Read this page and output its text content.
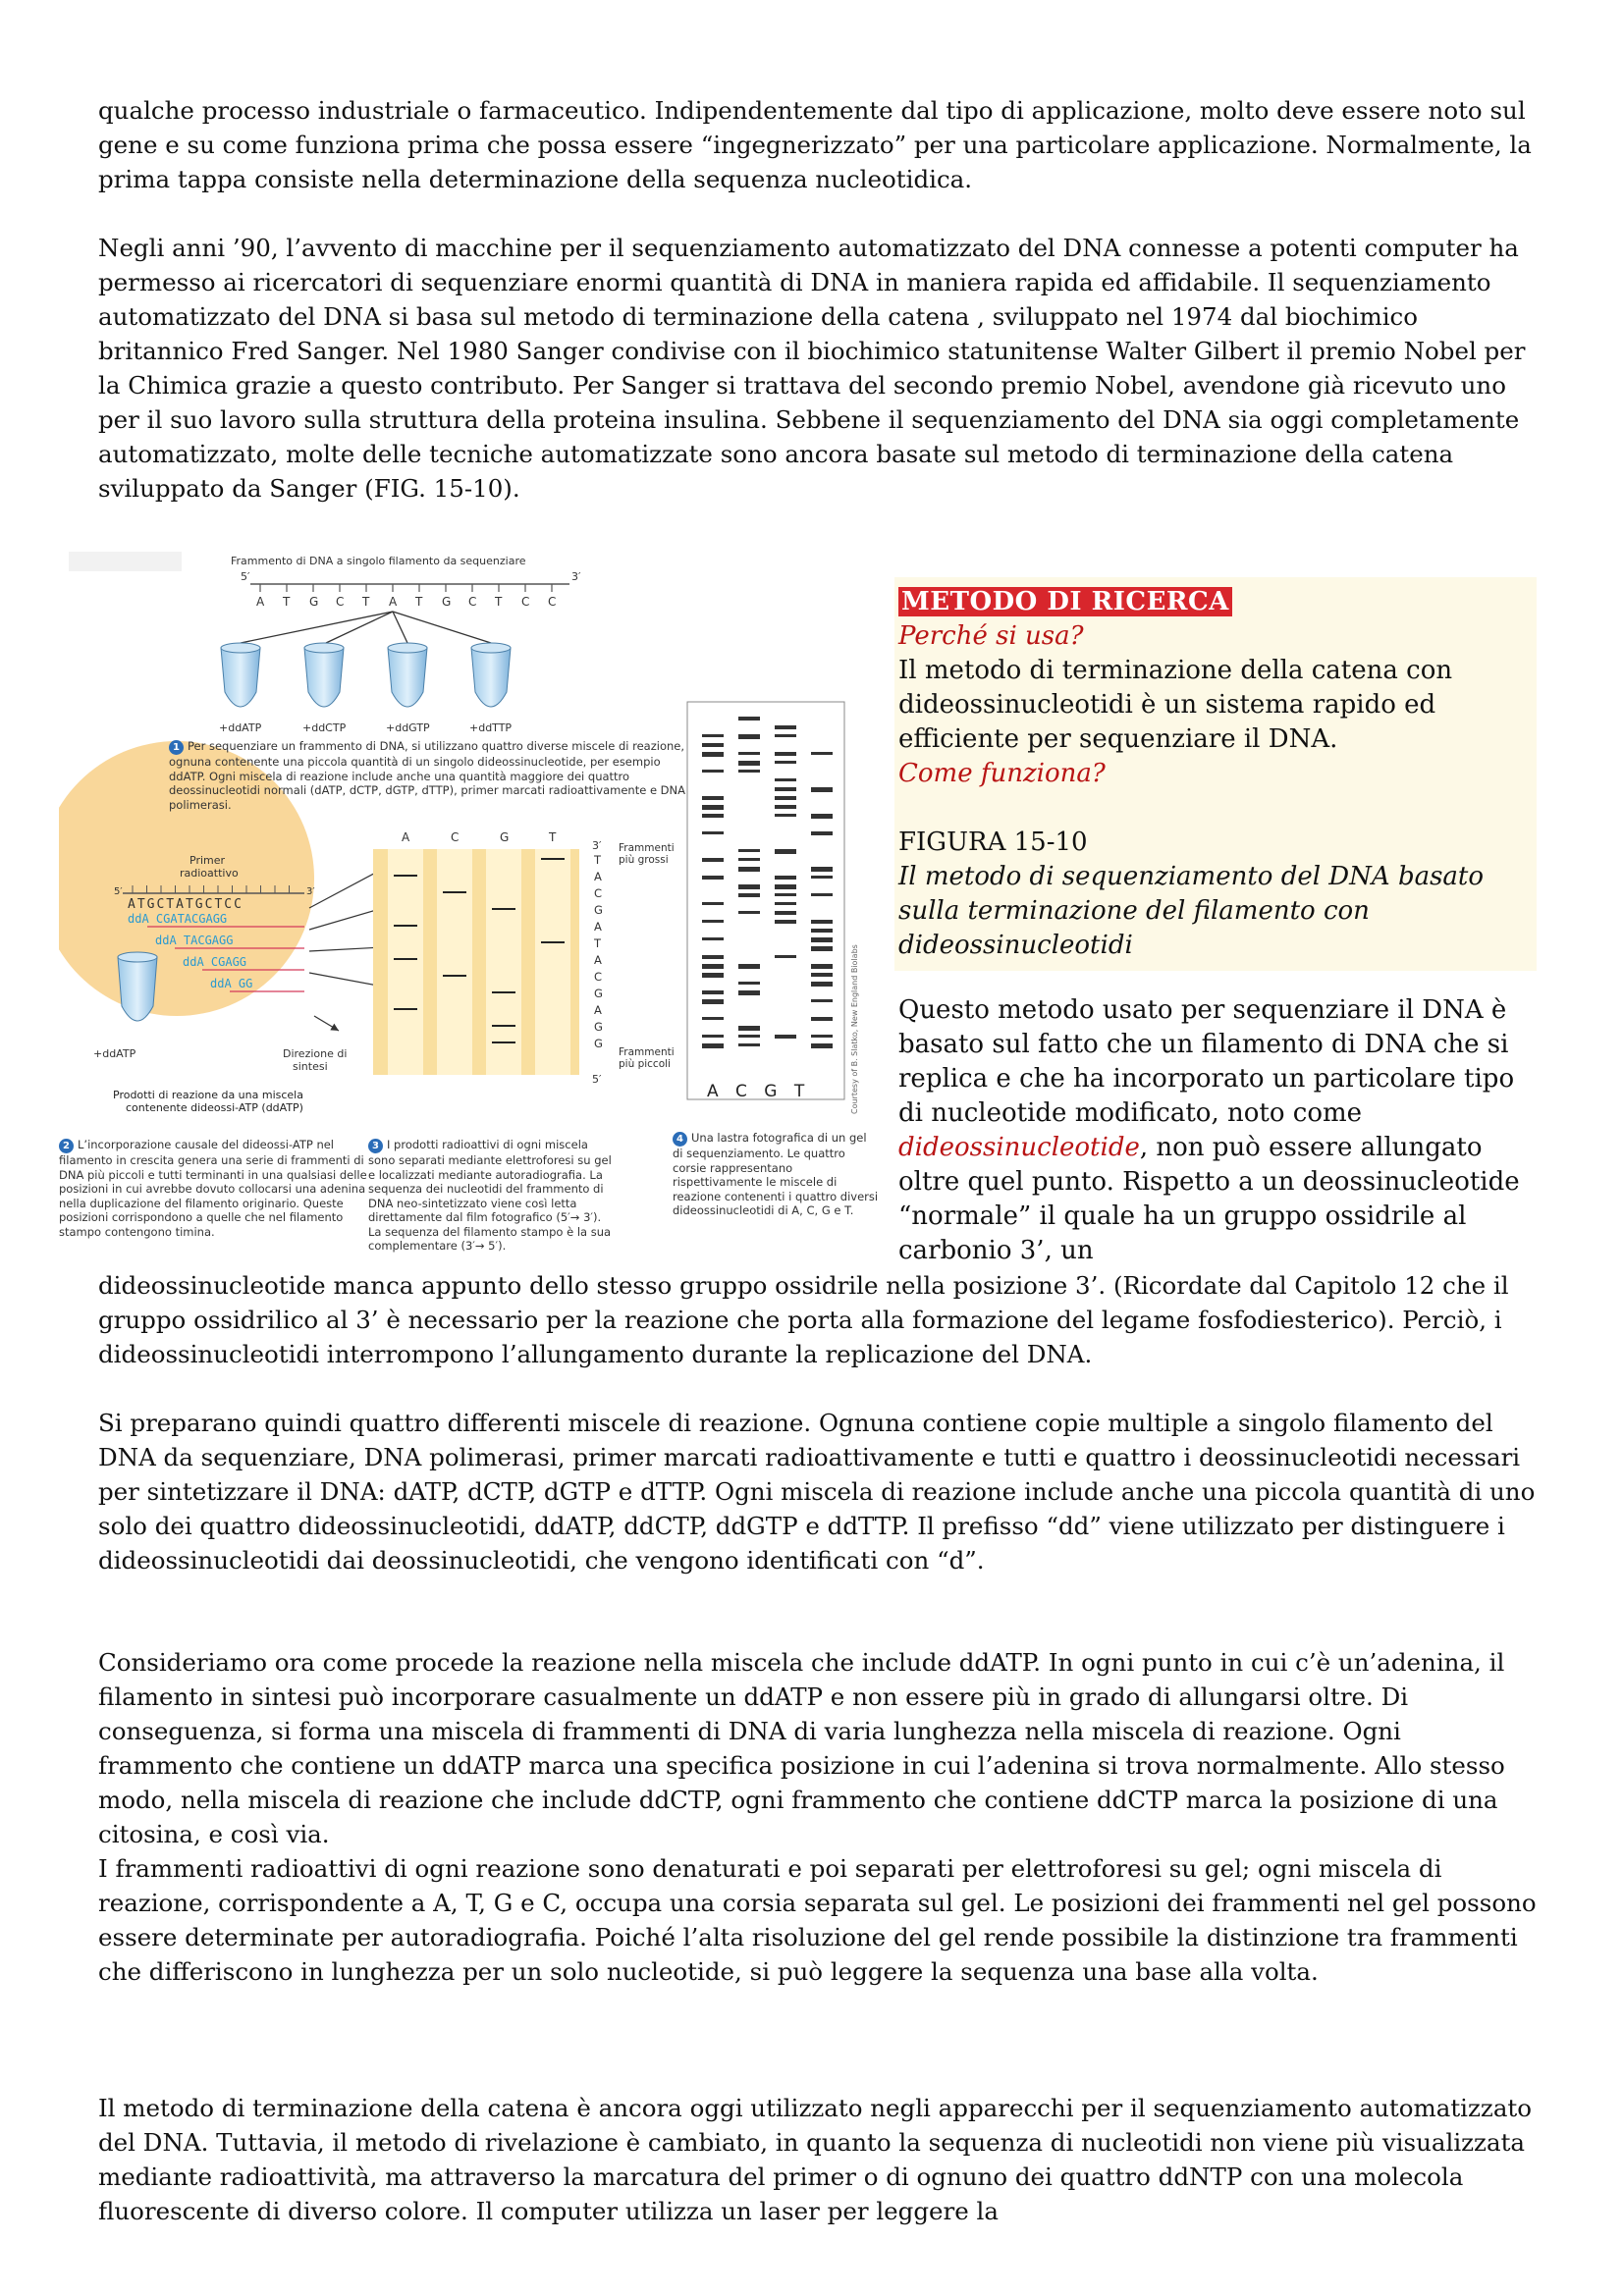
qualche processo industriale o farmaceutico. Indipendentemente dal tipo di applicazione, molto deve essere noto sul gene e su come funziona prima che possa essere “ingegnerizzato” per una particolare applicazione. Normalmente, la prima tappa consiste nella determinazione della sequenza nucleotidica.

Negli anni ’90, l’avvento di macchine per il sequenziamento automatizzato del DNA connesse a potenti computer ha permesso ai ricercatori di sequenziare enormi quantità di DNA in maniera rapida ed affidabile. Il sequenziamento automatizzato del DNA si basa sul metodo di terminazione della catena , sviluppato nel 1974 dal biochimico britannico Fred Sanger. Nel 1980 Sanger condivise con il biochimico statunitense Walter Gilbert il premio Nobel per la Chimica grazie a questo contributo. Per Sanger si trattava del secondo premio Nobel, avendone già ricevuto uno per il suo lavoro sulla struttura della proteina insulina. Sebbene il sequenziamento del DNA sia oggi completamente automatizzato, molte delle tecniche automatizzate sono ancora basate sul metodo di terminazione della catena sviluppato da Sanger (FIG. 15-10).

Frammento di DNA a singolo filamento da sequenziare
5′	3′
A T G C T A T G C T C C
+ddATP	+ddCTP	+ddGTP	+ddTTP
Primer radioattivo
ATGCTATGCTCC
5′	3′
ddA CGATACGAGG
ddA TACGAGG
ddA CGAGG
ddA GG
+ddATP	Direzione di sintesi
Prodotti di reazione da una miscela contenente dideossi-ATP (ddATP)
A	C	G	T
3′
5′
T
A
C
G
A
T
A
C
G
A
G
G
Frammenti più grossi
Frammenti più piccoli
A C G T	Courtesy of B. Slatko, New England Biolabs
1 Per sequenziare un frammento di DNA, si utilizzano quattro diverse miscele di reazione, ognuna contenente una piccola quantità di un singolo dideossinucleotide, per esempio ddATP. Ogni miscela di reazione include anche una quantità maggiore dei quattro deossinucleotidi normali (dATP, dCTP, dGTP, dTTP), primer marcati radioattivamente e DNA polimerasi.
2 L’incorporazione causale del dideossi-ATP nel filamento in crescita genera una serie di frammenti di DNA più piccoli e tutti terminanti in una qualsiasi delle posizioni in cui avrebbe dovuto collocarsi una adenina nella duplicazione del filamento originario. Queste posizioni corrispondono a quelle che nel filamento stampo contengono timina.
3 I prodotti radioattivi di ogni miscela sono separati mediante elettroforesi su gel e localizzati mediante autoradiografia. La sequenza dei nucleotidi del frammento di DNA neo-sintetizzato viene così letta direttamente dal film fotografico (5′→ 3′). La sequenza del filamento stampo è la sua complementare (3′→ 5′).
4 Una lastra fotografica di un gel di sequenziamento. Le quattro corsie rappresentano rispettivamente le miscele di reazione contenenti i quattro diversi dideossinucleotidi di A, C, G e T.
METODO DI RICERCA
Perché si usa?
Il metodo di terminazione della catena con dideossinucleotidi è un sistema rapido ed efficiente per sequenziare il DNA.
Come funziona?
FIGURA 15-10
Il metodo di sequenziamento del DNA basato sulla terminazione del filamento con dideossinucleotidi
Questo metodo usato per sequenziare il DNA è basato sul fatto che un filamento di DNA che si replica e che ha incorporato un particolare tipo di nucleotide modificato, noto come dideossinucleotide, non può essere allungato oltre quel punto. Rispetto a un deossinucleotide “normale” il quale ha un gruppo ossidrile al carbonio 3’, un

dideossinucleotide manca appunto dello stesso gruppo ossidrile nella posizione 3’. (Ricordate dal Capitolo 12 che il gruppo ossidrilico al 3’ è necessario per la reazione che porta alla formazione del legame fosfodiesterico). Perciò, i dideossinucleotidi interrompono l’allungamento durante la replicazione del DNA.

Si preparano quindi quattro differenti miscele di reazione. Ognuna contiene copie multiple a singolo filamento del DNA da sequenziare, DNA polimerasi, primer marcati radioattivamente e tutti e quattro i deossinucleotidi necessari per sintetizzare il DNA: dATP, dCTP, dGTP e dTTP. Ogni miscela di reazione include anche una piccola quantità di uno solo dei quattro dideossinucleotidi, ddATP, ddCTP, ddGTP e ddTTP. Il prefisso “dd” viene utilizzato per distinguere i dideossinucleotidi dai deossinucleotidi, che vengono identificati con “d”.

Consideriamo ora come procede la reazione nella miscela che include ddATP. In ogni punto in cui c’è un’adenina, il filamento in sintesi può incorporare casualmente un ddATP e non essere più in grado di allungarsi oltre. Di conseguenza, si forma una miscela di frammenti di DNA di varia lunghezza nella miscela di reazione. Ogni frammento che contiene un ddATP marca una specifica posizione in cui l’adenina si trova normalmente. Allo stesso modo, nella miscela di reazione che include ddCTP, ogni frammento che contiene ddCTP marca la posizione di una citosina, e così via.

I frammenti radioattivi di ogni reazione sono denaturati e poi separati per elettroforesi su gel; ogni miscela di reazione, corrispondente a A, T, G e C, occupa una corsia separata sul gel. Le posizioni dei frammenti nel gel possono essere determinate per autoradiografia. Poiché l’alta risoluzione del gel rende possibile la distinzione tra frammenti che differiscono in lunghezza per un solo nucleotide, si può leggere la sequenza una base alla volta.

Il metodo di terminazione della catena è ancora oggi utilizzato negli apparecchi per il sequenziamento automatizzato del DNA. Tuttavia, il metodo di rivelazione è cambiato, in quanto la sequenza di nucleotidi non viene più visualizzata mediante radioattività, ma attraverso la marcatura del primer o di ognuno dei quattro ddNTP con una molecola fluorescente di diverso colore. Il computer utilizza un laser per leggere la
